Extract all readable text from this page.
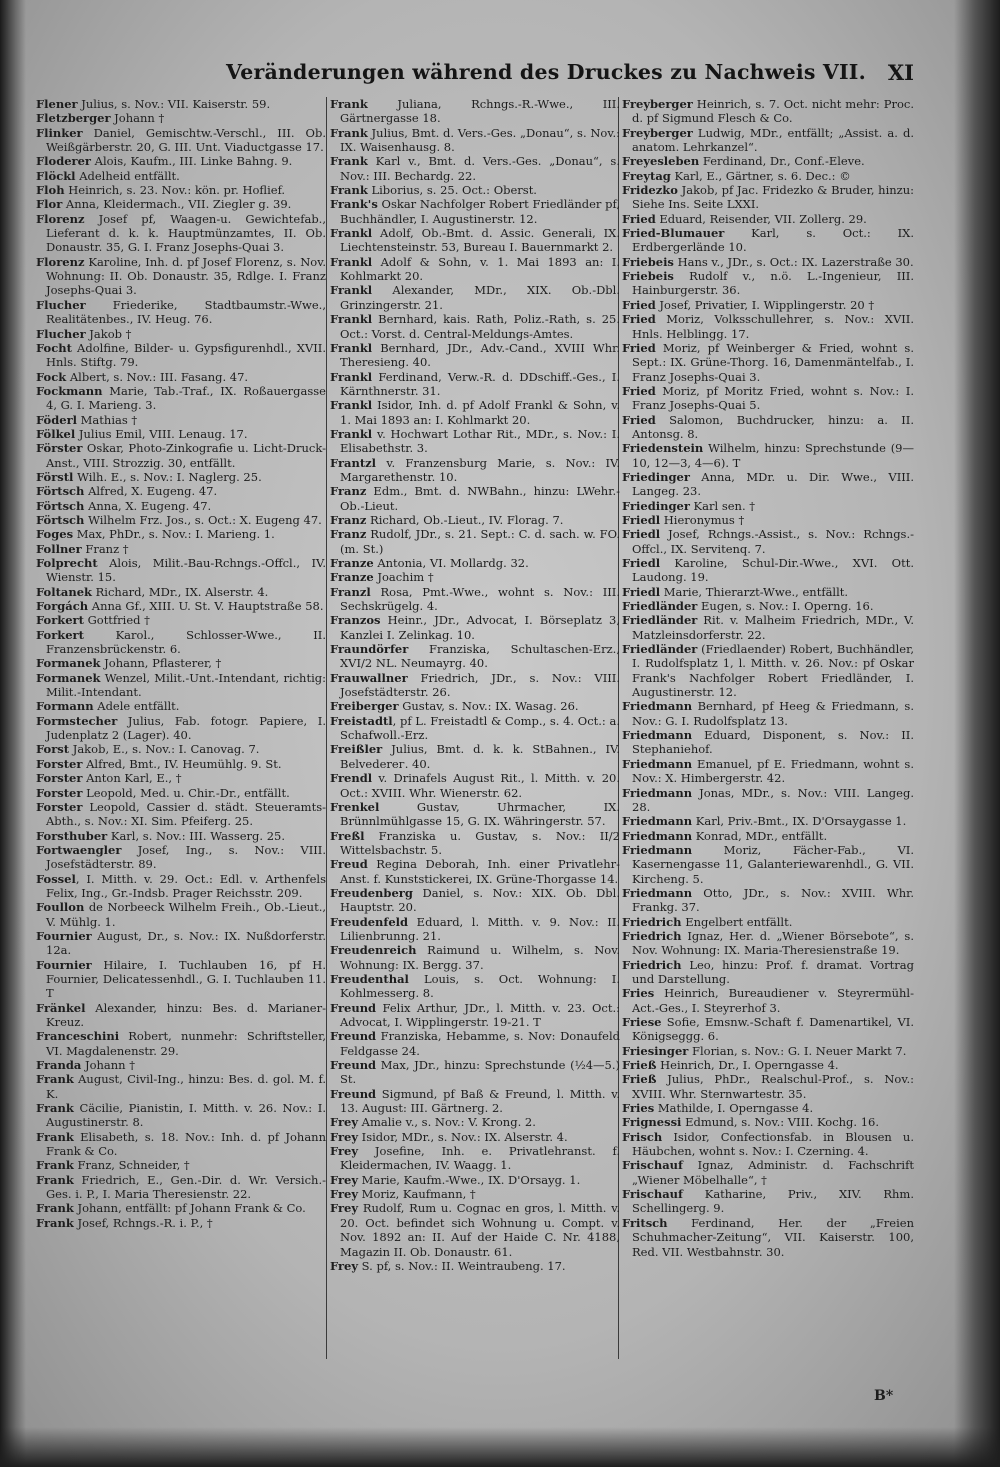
Veränderungen während des Druckes zu Nachweis VII. XI

Flener Julius, s. Nov.: VII. Kaiserstr. 59.

Fletzberger Johann †

Flinker Daniel, Gemischtw.-Verschl., III. Ob. Weißgärberstr. 20, G. III. Unt. Viaductgasse 17.

Floderer Alois, Kaufm., III. Linke Bahng. 9.

Flöckl Adelheid entfällt.

Floh Heinrich, s. 23. Nov.: kön. pr. Hoflief.

Flor Anna, Kleidermach., VII. Ziegler g. 39.

Florenz Josef pf, Waagen-u. Gewichtefab., Lieferant d. k. k. Hauptmünzamtes, II. Ob. Donaustr. 35, G. I. Franz Josephs-Quai 3.

Florenz Karoline, Inh. d. pf Josef Florenz, s. Nov. Wohnung: II. Ob. Donaustr. 35, Rdlge. I. Franz Josephs-Quai 3.

Flucher Friederike, Stadtbaumstr.-Wwe., Realitätenbes., IV. Heug. 76.

Flucher Jakob †

Focht Adolfine, Bilder- u. Gypsfigurenhdl., XVII. Hnls. Stiftg. 79.

Fock Albert, s. Nov.: III. Fasang. 47.

Fockmann Marie, Tab.-Traf., IX. Roßauergasse 4, G. I. Marieng. 3.

Föderl Mathias †

Fölkel Julius Emil, VIII. Lenaug. 17.

Förster Oskar, Photo-Zinkografie u. Licht-Druck-Anst., VIII. Strozzig. 30, entfällt.

Förstl Wilh. E., s. Nov.: I. Naglerg. 25.

Förtsch Alfred, X. Eugeng. 47.

Förtsch Anna, X. Eugeng. 47.

Förtsch Wilhelm Frz. Jos., s. Oct.: X. Eugeng 47.

Foges Max, PhDr., s. Nov.: I. Marieng. 1.

Follner Franz †

Folprecht Alois, Milit.-Bau-Rchngs.-Offcl., IV. Wienstr. 15.

Foltanek Richard, MDr., IX. Alserstr. 4.

Forgách Anna Gf., XIII. U. St. V. Hauptstraße 58.

Forkert Gottfried †

Forkert Karol., Schlosser-Wwe., II. Franzensbrückenstr. 6.

Formanek Johann, Pflasterer, †

Formanek Wenzel, Milit.-Unt.-Intendant, richtig: Milit.-Intendant.

Formann Adele entfällt.

Formstecher Julius, Fab. fotogr. Papiere, I. Judenplatz 2 (Lager). 40.

Forst Jakob, E., s. Nov.: I. Canovag. 7.

Forster Alfred, Bmt., IV. Heumühlg. 9. St.

Forster Anton Karl, E., †

Forster Leopold, Med. u. Chir.-Dr., entfällt.

Forster Leopold, Cassier d. städt. Steueramts-Abth., s. Nov.: XI. Sim. Pfeiferg. 25.

Forsthuber Karl, s. Nov.: III. Wasserg. 25.

Fortwaengler Josef, Ing., s. Nov.: VIII. Josefstädterstr. 89.

Fossel, I. Mitth. v. 29. Oct.: Edl. v. Arthenfels Felix, Ing., Gr.-Indsb. Prager Reichsstr. 209.

Foullon de Norbeeck Wilhelm Freih., Ob.-Lieut., V. Mühlg. 1.

Fournier August, Dr., s. Nov.: IX. Nußdorferstr. 12a.

Fournier Hilaire, I. Tuchlauben 16, pf H. Fournier, Delicatessenhdl., G. I. Tuchlauben 11. T

Fränkel Alexander, hinzu: Bes. d. Marianer-Kreuz.

Franceschini Robert, nunmehr: Schriftsteller, VI. Magdalenenstr. 29.

Franda Johann †

Frank August, Civil-Ing., hinzu: Bes. d. gol. M. f. K.

Frank Cäcilie, Pianistin, I. Mitth. v. 26. Nov.: I. Augustinerstr. 8.

Frank Elisabeth, s. 18. Nov.: Inh. d. pf Johann Frank & Co.

Frank Franz, Schneider, †

Frank Friedrich, E., Gen.-Dir. d. Wr. Versich.-Ges. i. P., I. Maria Theresienstr. 22.

Frank Johann, entfällt: pf Johann Frank & Co.

Frank Josef, Rchngs.-R. i. P., †

Frank Juliana, Rchngs.-R.-Wwe., III. Gärtnergasse 18.

Frank Julius, Bmt. d. Vers.-Ges. „Donau“, s. Nov.: IX. Waisenhausg. 8.

Frank Karl v., Bmt. d. Vers.-Ges. „Donau“, s. Nov.: III. Bechardg. 22.

Frank Liborius, s. 25. Oct.: Oberst.

Frank's Oskar Nachfolger Robert Friedländer pf, Buchhändler, I. Augustinerstr. 12.

Frankl Adolf, Ob.-Bmt. d. Assic. Generali, IX. Liechtensteinstr. 53, Bureau I. Bauernmarkt 2.

Frankl Adolf & Sohn, v. 1. Mai 1893 an: I. Kohlmarkt 20.

Frankl Alexander, MDr., XIX. Ob.-Dbl. Grinzingerstr. 21.

Frankl Bernhard, kais. Rath, Poliz.-Rath, s. 25. Oct.: Vorst. d. Central-Meldungs-Amtes.

Frankl Bernhard, JDr., Adv.-Cand., XVIII Whr. Theresieng. 40.

Frankl Ferdinand, Verw.-R. d. DDschiff.-Ges., I. Kärnthnerstr. 31.

Frankl Isidor, Inh. d. pf Adolf Frankl & Sohn, v. 1. Mai 1893 an: I. Kohlmarkt 20.

Frankl v. Hochwart Lothar Rit., MDr., s. Nov.: I. Elisabethstr. 3.

Frantzl v. Franzensburg Marie, s. Nov.: IV. Margarethenstr. 10.

Franz Edm., Bmt. d. NWBahn., hinzu: LWehr.-Ob.-Lieut.

Franz Richard, Ob.-Lieut., IV. Florag. 7.

Franz Rudolf, JDr., s. 21. Sept.: C. d. sach. w. FO. (m. St.)

Franze Antonia, VI. Mollardg. 32.

Franze Joachim †

Franzl Rosa, Pmt.-Wwe., wohnt s. Nov.: III. Sechskrügelg. 4.

Franzos Heinr., JDr., Advocat, I. Börseplatz 3, Kanzlei I. Zelinkag. 10.

Fraundörfer Franziska, Schultaschen-Erz., XVI/2 NL. Neumayrg. 40.

Frauwallner Friedrich, JDr., s. Nov.: VIII. Josefstädterstr. 26.

Freiberger Gustav, s. Nov.: IX. Wasag. 26.

Freistadtl, pf L. Freistadtl & Comp., s. 4. Oct.: a. Schafwoll.-Erz.

Freißler Julius, Bmt. d. k. k. StBahnen., IV. Belvederег. 40.

Frendl v. Drinafels August Rit., l. Mitth. v. 20. Oct.: XVIII. Whr. Wienerstr. 62.

Frenkel Gustav, Uhrmacher, IX. Brünnlmühlgasse 15, G. IX. Währingerstr. 57.

Freßl Franziska u. Gustav, s. Nov.: II/2 Wittelsbachstr. 5.

Freud Regina Deborah, Inh. einer Privatlehr-Anst. f. Kunststickerei, IX. Grüne-Thorgasse 14.

Freudenberg Daniel, s. Nov.: XIX. Ob. Dbl. Hauptstr. 20.

Freudenfeld Eduard, l. Mitth. v. 9. Nov.: II. Lilienbrunng. 21.

Freudenreich Raimund u. Wilhelm, s. Nov. Wohnung: IX. Bergg. 37.

Freudenthal Louis, s. Oct. Wohnung: I. Kohlmesserg. 8.

Freund Felix Arthur, JDr., l. Mitth. v. 23. Oct.: Advocat, I. Wipplingerstr. 19-21. T

Freund Franziska, Hebamme, s. Nov: Donaufeld Feldgasse 24.

Freund Max, JDr., hinzu: Sprechstunde (½4—5.) St.

Freund Sigmund, pf Baß & Freund, l. Mitth. v. 13. August: III. Gärtnerg. 2.

Frey Amalie v., s. Nov.: V. Krong. 2.

Frey Isidor, MDr., s. Nov.: IX. Alserstr. 4.

Frey Josefine, Inh. e. Privatlehranst. f. Kleidermachen, IV. Waagg. 1.

Frey Marie, Kaufm.-Wwe., IX. D'Orsayg. 1.

Frey Moriz, Kaufmann, †

Frey Rudolf, Rum u. Cognac en gros, l. Mitth. v. 20. Oct. befindet sich Wohnung u. Compt. v. Nov. 1892 an: II. Auf der Haide C. Nr. 4188, Magazin II. Ob. Donaustr. 61.

Frey S. pf, s. Nov.: II. Weintraubeng. 17.

Freyberger Heinrich, s. 7. Oct. nicht mehr: Proc. d. pf Sigmund Flesch & Co.

Freyberger Ludwig, MDr., entfällt; „Assist. a. d. anatom. Lehrkanzel“.

Freyesleben Ferdinand, Dr., Conf.-Eleve.

Freytag Karl, E., Gärtner, s. 6. Dec.: ©

Fridezko Jakob, pf Jac. Fridezko & Bruder, hinzu: Siehe Ins. Seite LXXI.

Fried Eduard, Reisender, VII. Zollerg. 29.

Fried-Blumauer Karl, s. Oct.: IX. Erdbergerlände 10.

Friebeis Hans v., JDr., s. Oct.: IX. Lazerstraße 30.

Friebeis Rudolf v., n.ö. L.-Ingenieur, III. Hainburgerstr. 36.

Fried Josef, Privatier, I. Wipplingerstr. 20 †

Fried Moriz, Volksschullehrer, s. Nov.: XVII. Hnls. Helblingg. 17.

Fried Moriz, pf Weinberger & Fried, wohnt s. Sept.: IX. Grüne-Thorg. 16, Damenmäntelfab., I. Franz Josephs-Quai 3.

Fried Moriz, pf Moritz Fried, wohnt s. Nov.: I. Franz Josephs-Quai 5.

Fried Salomon, Buchdrucker, hinzu: a. II. Antonsg. 8.

Friedenstein Wilhelm, hinzu: Sprechstunde (9—10, 12—3, 4—6). T

Friedinger Anna, MDr. u. Dir. Wwe., VIII. Langeg. 23.

Friedinger Karl sen. †

Friedl Hieronymus †

Friedl Josef, Rchngs.-Assist., s. Nov.: Rchngs.-Offcl., IX. Servitenq. 7.

Friedl Karoline, Schul-Dir.-Wwe., XVI. Ott. Laudong. 19.

Friedl Marie, Thierarzt-Wwe., entfällt.

Friedländer Eugen, s. Nov.: I. Operng. 16.

Friedländer Rit. v. Malheim Friedrich, MDr., V. Matzleinsdorferstr. 22.

Friedländer (Friedlaender) Robert, Buchhändler, I. Rudolfsplatz 1, l. Mitth. v. 26. Nov.: pf Oskar Frank's Nachfolger Robert Friedländer, I. Augustinerstr. 12.

Friedmann Bernhard, pf Heeg & Friedmann, s. Nov.: G. I. Rudolfsplatz 13.

Friedmann Eduard, Disponent, s. Nov.: II. Stephaniehof.

Friedmann Emanuel, pf E. Friedmann, wohnt s. Nov.: X. Himbergerstr. 42.

Friedmann Jonas, MDr., s. Nov.: VIII. Langeg. 28.

Friedmann Karl, Priv.-Bmt., IX. D'Orsaygasse 1.

Friedmann Konrad, MDr., entfällt.

Friedmann Moriz, Fächer-Fab., VI. Kasernengasse 11, Galanteriewarenhdl., G. VII. Kircheng. 5.

Friedmann Otto, JDr., s. Nov.: XVIII. Whr. Frankg. 37.

Friedrich Engelbert entfällt.

Friedrich Ignaz, Her. d. „Wiener Börsebote“, s. Nov. Wohnung: IX. Maria-Theresienstraße 19.

Friedrich Leo, hinzu: Prof. f. dramat. Vortrag und Darstellung.

Fries Heinrich, Bureaudiener v. Steyrermühl-Act.-Ges., I. Steyrerhof 3.

Friese Sofie, Emsnw.-Schaft f. Damenartikel, VI. Königseggg. 6.

Friesinger Florian, s. Nov.: G. I. Neuer Markt 7.

Frieß Heinrich, Dr., I. Operngasse 4.

Frieß Julius, PhDr., Realschul-Prof., s. Nov.: XVIII. Whr. Sternwartestr. 35.

Fries Mathilde, I. Operngasse 4.

Frignessi Edmund, s. Nov.: VIII. Kochg. 16.

Frisch Isidor, Confectionsfab. in Blousen u. Häubchen, wohnt s. Nov.: I. Czerning. 4.

Frischauf Ignaz, Administr. d. Fachschrift „Wiener Möbelhalle“, †

Frischauf Katharine, Priv., XIV. Rhm. Schellingerg. 9.

Fritsch Ferdinand, Her. der „Freien Schuhmacher-Zeitung“, VII. Kaiserstr. 100, Red. VII. Westbahnstr. 30.

B*
